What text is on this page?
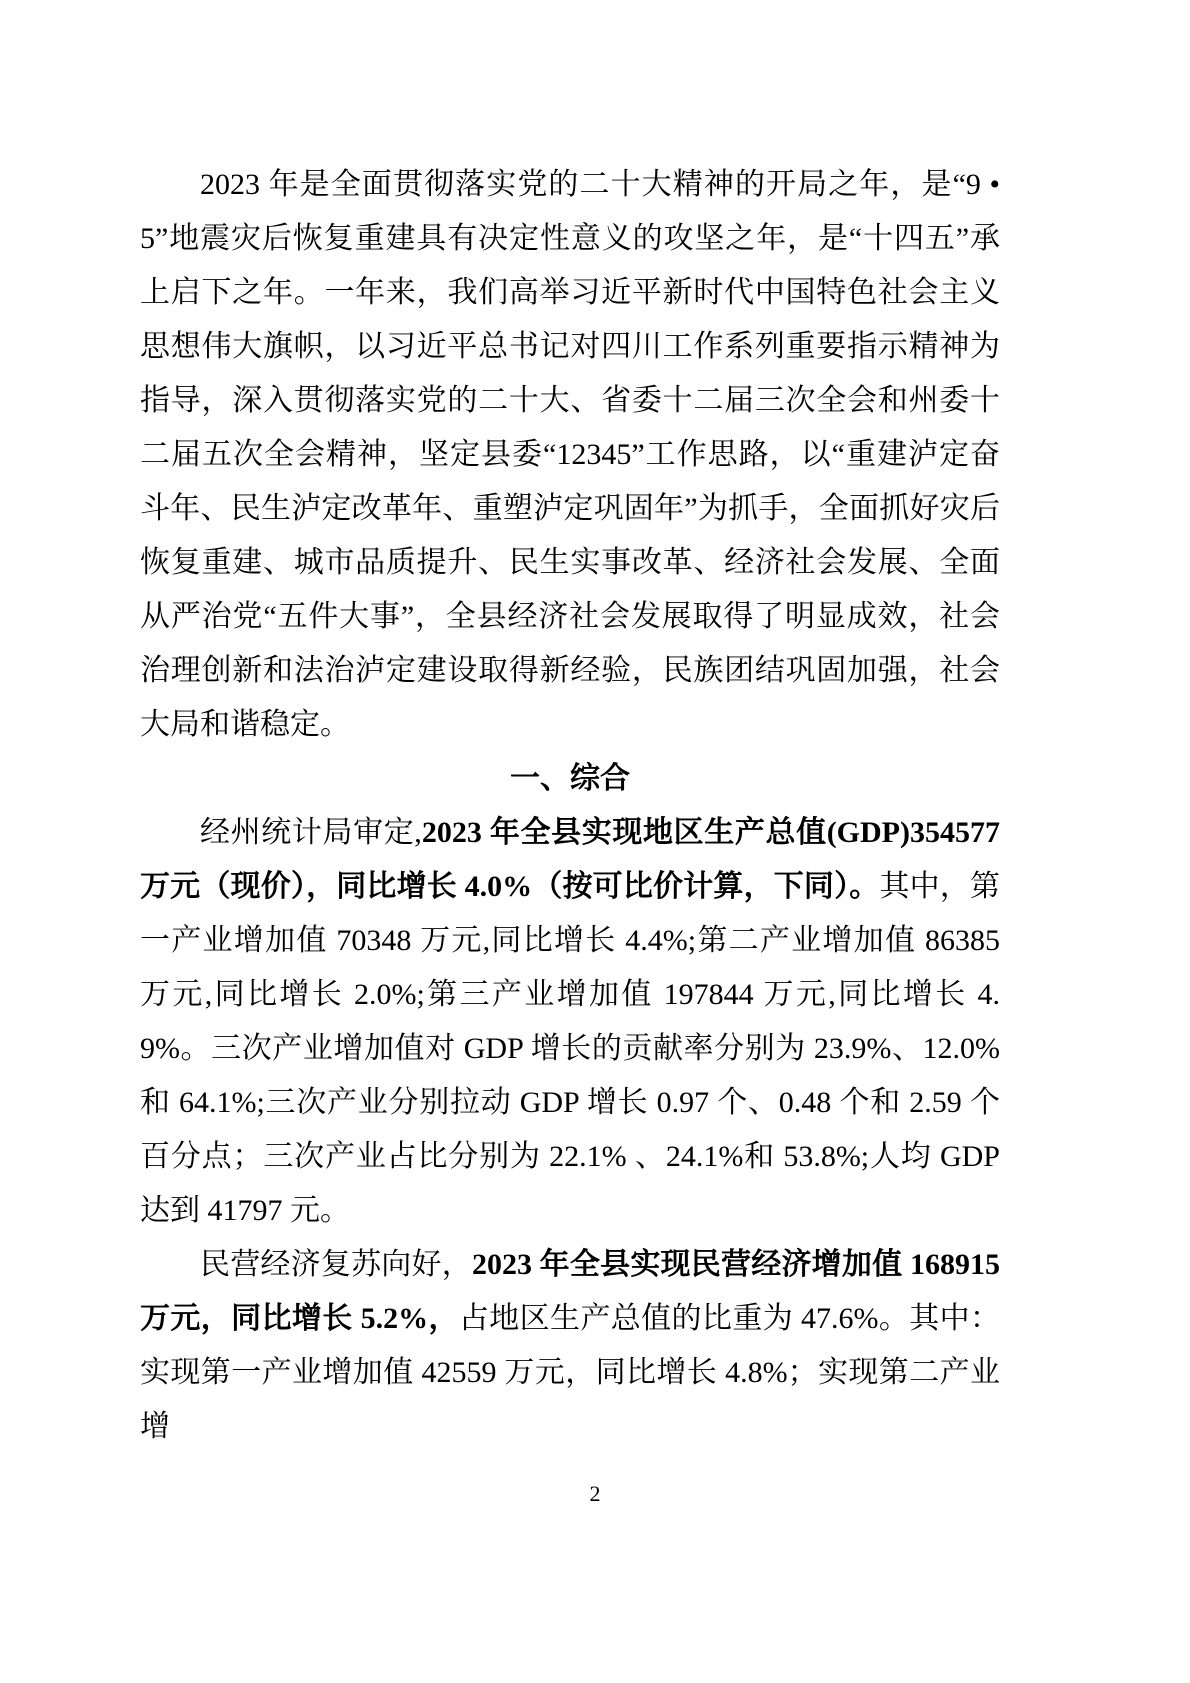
2023 年是全面贯彻落实党的二十大精神的开局之年，是“9 •5”地震灾后恢复重建具有决定性意义的攻坚之年，是“十四五”承上启下之年。一年来，我们高举习近平新时代中国特色社会主义思想伟大旗帜，以习近平总书记对四川工作系列重要指示精神为指导，深入贯彻落实党的二十大、省委十二届三次全会和州委十二届五次全会精神，坚定县委“12345”工作思路，以“重建泸定奋斗年、民生泸定改革年、重塑泸定巩固年”为抓手，全面抓好灾后恢复重建、城市品质提升、民生实事改革、经济社会发展、全面从严治党“五件大事”，全县经济社会发展取得了明显成效，社会治理创新和法治泸定建设取得新经验，民族团结巩固加强，社会大局和谐稳定。

一、综合

经州统计局审定,2023 年全县实现地区生产总值(GDP)354577 万元（现价），同比增长 4.0%（按可比价计算，下同）。其中，第一产业增加值 70348 万元,同比增长 4.4%;第二产业增加值 86385 万元,同比增长 2.0%;第三产业增加值 197844 万元,同比增长 4.9%。三次产业增加值对 GDP 增长的贡献率分别为 23.9%、12.0%和 64.1%;三次产业分别拉动 GDP 增长 0.97 个、0.48 个和 2.59 个百分点；三次产业占比分别为 22.1% 、24.1%和 53.8%;人均 GDP 达到 41797 元。

民营经济复苏向好，2023 年全县实现民营经济增加值 168915 万元，同比增长 5.2%，占地区生产总值的比重为 47.6%。其中：实现第一产业增加值 42559 万元，同比增长 4.8%；实现第二产业增

2
